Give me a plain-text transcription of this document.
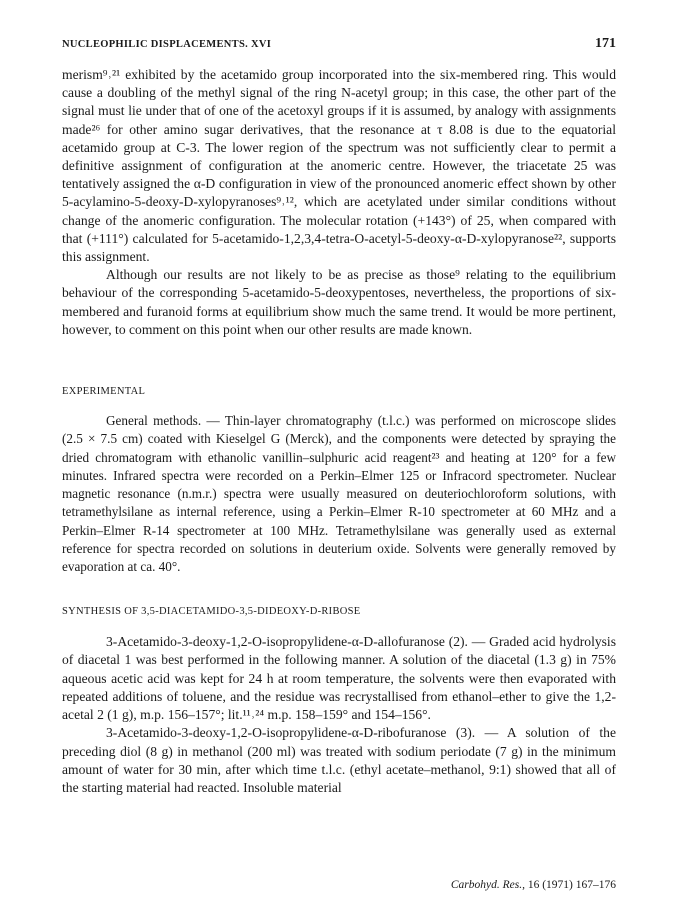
NUCLEOPHILIC DISPLACEMENTS. XVI	171

merism⁹˒²¹ exhibited by the acetamido group incorporated into the six-membered ring. This would cause a doubling of the methyl signal of the ring N-acetyl group; in this case, the other part of the signal must lie under that of one of the acetoxyl groups if it is assumed, by analogy with assignments made²⁶ for other amino sugar derivatives, that the resonance at τ 8.08 is due to the equatorial acetamido group at C-3. The lower region of the spectrum was not sufficiently clear to permit a definitive assignment of configuration at the anomeric centre. However, the triacetate 25 was tentatively assigned the α-D configuration in view of the pronounced anomeric effect shown by other 5-acylamino-5-deoxy-D-xylopyranoses⁹˒¹², which are acetylated under similar conditions without change of the anomeric configuration. The molecular rotation (+143°) of 25, when compared with that (+111°) calculated for 5-acetamido-1,2,3,4-tetra-O-acetyl-5-deoxy-α-D-xylopyranose²², supports this assignment.

Although our results are not likely to be as precise as those⁹ relating to the equilibrium behaviour of the corresponding 5-acetamido-5-deoxypentoses, nevertheless, the proportions of six-membered and furanoid forms at equilibrium show much the same trend. It would be more pertinent, however, to comment on this point when our other results are made known.

EXPERIMENTAL

General methods. — Thin-layer chromatography (t.l.c.) was performed on microscope slides (2.5 × 7.5 cm) coated with Kieselgel G (Merck), and the components were detected by spraying the dried chromatogram with ethanolic vanillin–sulphuric acid reagent²³ and heating at 120° for a few minutes. Infrared spectra were recorded on a Perkin–Elmer 125 or Infracord spectrometer. Nuclear magnetic resonance (n.m.r.) spectra were usually measured on deuteriochloroform solutions, with tetramethylsilane as internal reference, using a Perkin–Elmer R-10 spectrometer at 60 MHz and a Perkin–Elmer R-14 spectrometer at 100 MHz. Tetramethylsilane was generally used as external reference for spectra recorded on solutions in deuterium oxide. Solvents were generally removed by evaporation at ca. 40°.

SYNTHESIS OF 3,5-DIACETAMIDO-3,5-DIDEOXY-D-RIBOSE

3-Acetamido-3-deoxy-1,2-O-isopropylidene-α-D-allofuranose (2). — Graded acid hydrolysis of diacetal 1 was best performed in the following manner. A solution of the diacetal (1.3 g) in 75% aqueous acetic acid was kept for 24 h at room temperature, the solvents were then evaporated with repeated additions of toluene, and the residue was recrystallised from ethanol–ether to give the 1,2-acetal 2 (1 g), m.p. 156–157°; lit.¹¹˒²⁴ m.p. 158–159° and 154–156°.

3-Acetamido-3-deoxy-1,2-O-isopropylidene-α-D-ribofuranose (3). — A solution of the preceding diol (8 g) in methanol (200 ml) was treated with sodium periodate (7 g) in the minimum amount of water for 30 min, after which time t.l.c. (ethyl acetate–methanol, 9:1) showed that all of the starting material had reacted. Insoluble material

Carbohyd. Res., 16 (1971) 167–176
